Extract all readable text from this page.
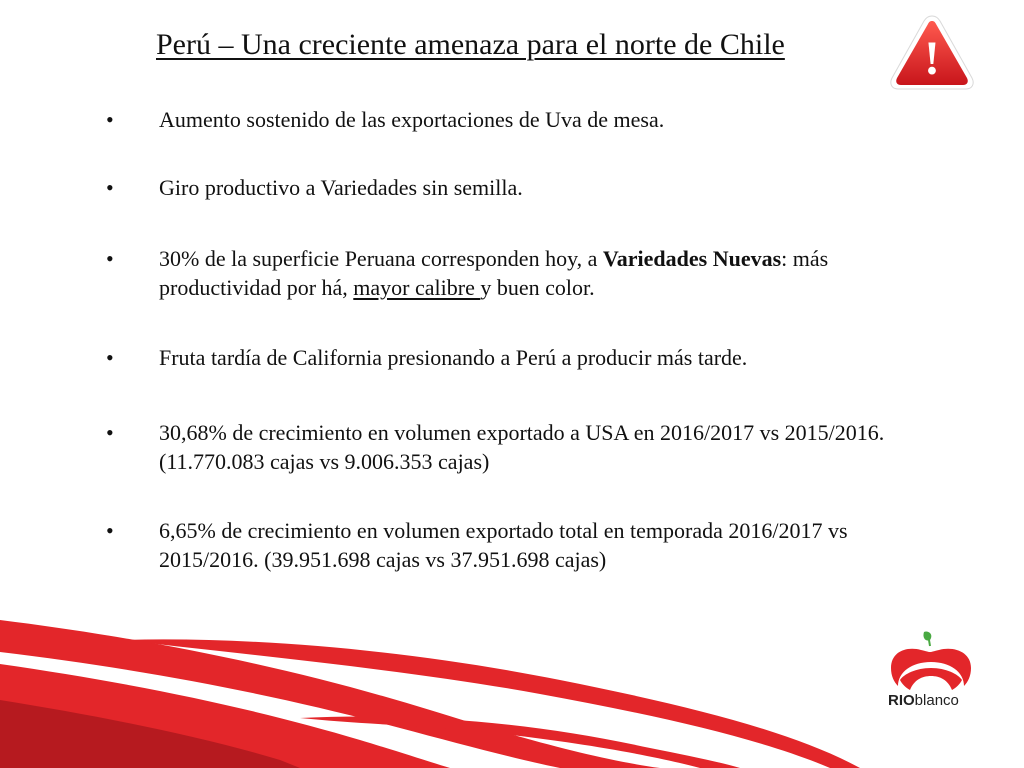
Perú – Una creciente amenaza para el norte de Chile	!
•	Aumento sostenido de las exportaciones de Uva de mesa.
•	Giro productivo a Variedades sin semilla.
•	30% de la superficie Peruana corresponden hoy, a Variedades Nuevas: más productividad por há, mayor calibre y buen color.
•	Fruta tardía de California presionando a Perú a producir más tarde.
•	30,68% de crecimiento en volumen exportado a USA en 2016/2017 vs 2015/2016. (11.770.083 cajas vs 9.006.353 cajas)
•	6,65% de crecimiento en volumen exportado total en temporada 2016/2017 vs 2015/2016. (39.951.698 cajas vs 37.951.698 cajas)
RIOblanco
